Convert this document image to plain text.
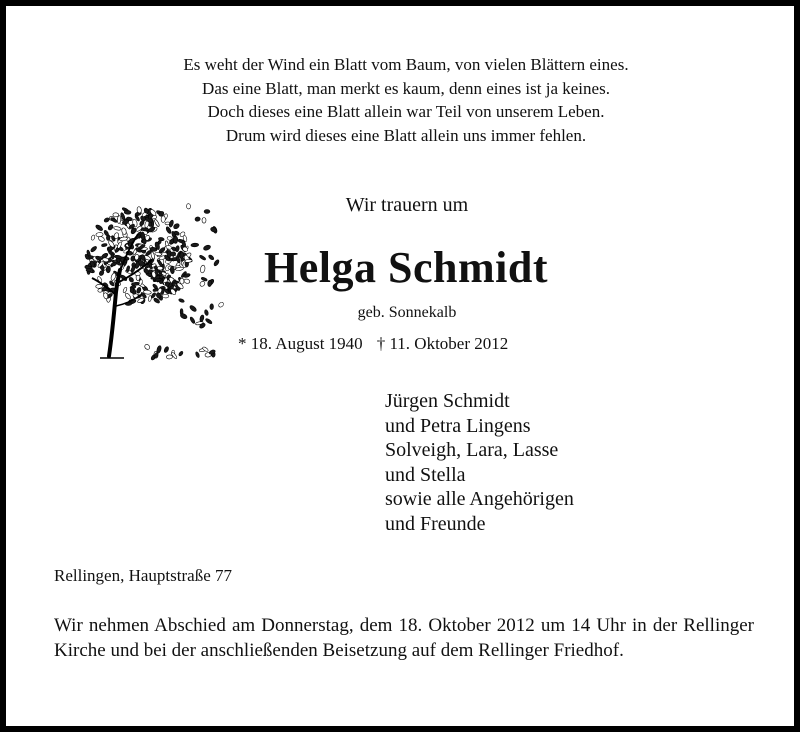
Es weht der Wind ein Blatt vom Baum, von vielen Blättern eines.
Das eine Blatt, man merkt es kaum, denn eines ist ja keines.
Doch dieses eine Blatt allein war Teil von unserem Leben.
Drum wird dieses eine Blatt allein uns immer fehlen.
Wir trauern um
Helga Schmidt
geb. Sonnekalb
* 18. August 1940 † 11. Oktober 2012
Jürgen Schmidt
und Petra Lingens
Solveigh, Lara, Lasse
und Stella
sowie alle Angehörigen
und Freunde
Rellingen, Hauptstraße 77
Wir nehmen Abschied am Donnerstag, dem 18. Oktober 2012 um 14 Uhr in der Rellinger Kirche und bei der anschließenden Beisetzung auf dem Rellinger Friedhof.
